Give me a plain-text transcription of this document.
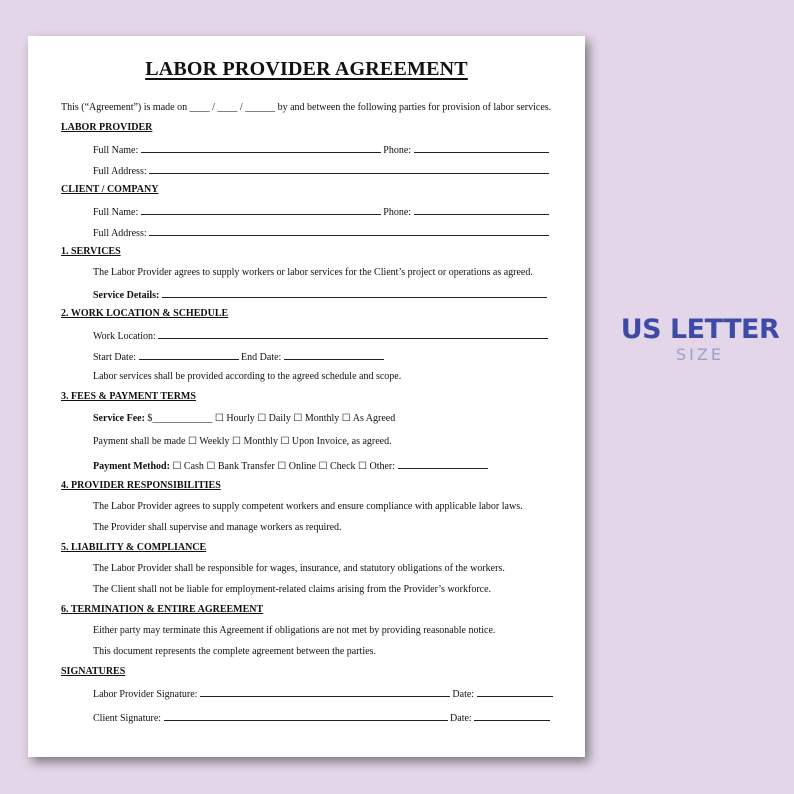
LABOR PROVIDER AGREEMENT
This (“Agreement”) is made on ____ / ____ / ______ by and between the following parties for provision of labor services.
LABOR PROVIDER
Full Name:	Phone:
Full Address:
CLIENT / COMPANY
Full Name:	Phone:
Full Address:
1. SERVICES
The Labor Provider agrees to supply workers or labor services for the Client’s project or operations as agreed.
Service Details:
2. WORK LOCATION & SCHEDULE
Work Location:
Start Date:	End Date:
Labor services shall be provided according to the agreed schedule and scope.
3. FEES & PAYMENT TERMS
Service Fee: $____________ ☐ Hourly ☐ Daily ☐ Monthly ☐ As Agreed
Payment shall be made ☐ Weekly ☐ Monthly ☐ Upon Invoice, as agreed.
Payment Method: ☐ Cash ☐ Bank Transfer ☐ Online ☐ Check ☐ Other:
4. PROVIDER RESPONSIBILITIES
The Labor Provider agrees to supply competent workers and ensure compliance with applicable labor laws.
The Provider shall supervise and manage workers as required.
5. LIABILITY & COMPLIANCE
The Labor Provider shall be responsible for wages, insurance, and statutory obligations of the workers.
The Client shall not be liable for employment-related claims arising from the Provider’s workforce.
6. TERMINATION & ENTIRE AGREEMENT
Either party may terminate this Agreement if obligations are not met by providing reasonable notice.
This document represents the complete agreement between the parties.
SIGNATURES
Labor Provider Signature:	Date:
Client Signature:	Date:
US LETTER
SIZE
